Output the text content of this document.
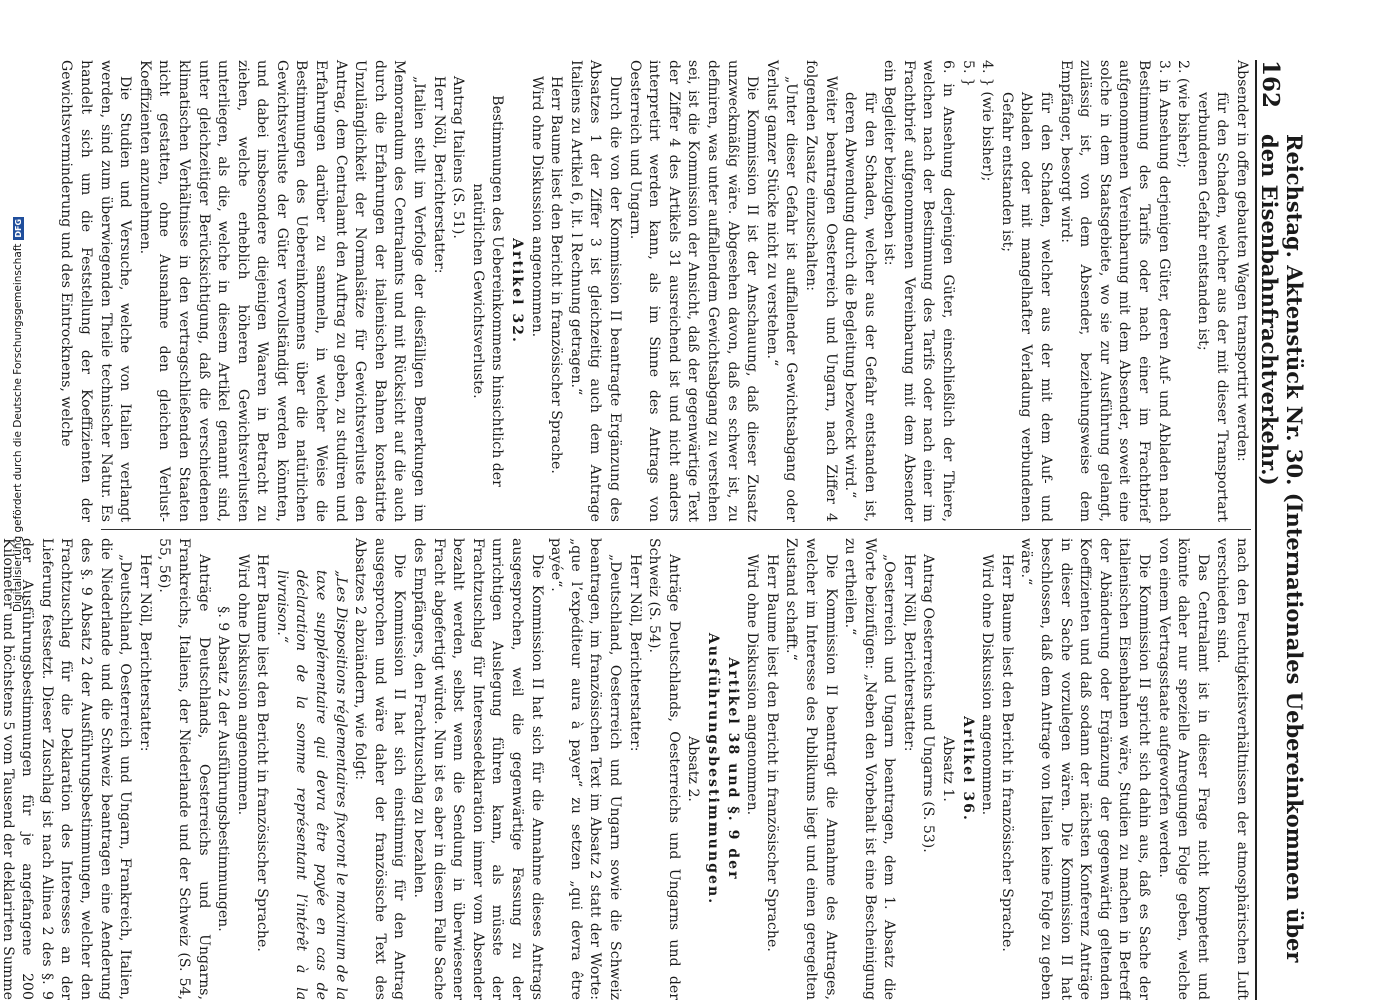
162
Reichstag. Aktenstück Nr. 30. (Internationales Uebereinkommen über den Eisenbahnfrachtverkehr.)

Absender in offen gebauten Wagen transportirt werden:

für den Schaden, welcher aus der mit dieser Transportart verbundenen Gefahr entstanden ist;

2. (wie bisher);

3. in Ansehung derjenigen Güter, deren Auf- und Abladen nach Bestimmung des Tarifs oder nach einer im Frachtbrief aufgenommenen Vereinbarung mit dem Absender, soweit eine solche in dem Staatsgebiete, wo sie zur Ausführung gelangt, zulässig ist, von dem Absender, beziehungsweise dem Empfänger, besorgt wird:

für den Schaden, welcher aus der mit dem Auf- und Abladen oder mit mangelhafter Verladung verbundenen Gefahr entstanden ist;

4. } (wie bisher);

5. }

6. in Ansehung derjenigen Güter, einschließlich der Thiere, welchen nach der Bestimmung des Tarifs oder nach einer im Frachtbrief aufgenommenen Vereinbarung mit dem Absender ein Begleiter beizugeben ist:

für den Schaden, welcher aus der Gefahr entstanden ist, deren Abwendung durch die Begleitung bezweckt wird.“

Weiter beantragen Oesterreich und Ungarn, nach Ziffer 4 folgenden Zusatz einzuschalten:

„Unter dieser Gefahr ist auffallender Gewichtsabgang oder Verlust ganzer Stücke nicht zu verstehen.“

Die Kommission II ist der Anschauung, daß dieser Zusatz unzweckmäßig wäre. Abgesehen davon, daß es schwer ist, zu definiren, was unter auffallendem Gewichtsabgang zu verstehen sei, ist die Kommission der Ansicht, daß der gegenwärtige Text der Ziffer 4 des Artikels 31 ausreichend ist und nicht anders interpretirt werden kann, als im Sinne des Antrags von Oesterreich und Ungarn.

Durch die von der Kommission II beantragte Ergänzung des Absatzes 1 der Ziffer 3 ist gleichzeitig auch dem Antrage Italiens zu Artikel 6, lit. l Rechnung getragen.“

Herr Baume liest den Bericht in französischer Sprache.

Wird ohne Diskussion angenommen.

Artikel 32.

Bestimmungen des Uebereinkommens hinsichtlich der natürlichen Gewichtsverluste.

Antrag Italiens (S. 51).

Herr Nöll, Berichterstatter:

„Italien stellt im Verfolge der diesfälligen Bemerkungen im Memorandum des Centralamts und mit Rücksicht auf die auch durch die Erfahrungen der italienischen Bahnen konstatirte Unzulänglichkeit der Normalsätze für Gewichtsverluste den Antrag, dem Centralamt den Auftrag zu geben, zu studiren und Erfahrungen darüber zu sammeln, in welcher Weise die Bestimmungen des Uebereinkommens über die natürlichen Gewichtsverluste der Güter vervollständigt werden könnten, und dabei insbesondere diejenigen Waaren in Betracht zu ziehen, welche erheblich höheren Gewichtsverlusten unterliegen, als die, welche in diesem Artikel genannt sind, unter gleichzeitiger Berücksichtigung, daß die verschiedenen klimatischen Verhältnisse in den vertragschließenden Staaten nicht gestatten, ohne Ausnahme den gleichen Verlust-Koeffizienten anzunehmen.

Die Studien und Versuche, welche von Italien verlangt werden, sind zum überwiegenden Theile technischer Natur. Es handelt sich um die Feststellung der Koeffizienten der Gewichtsverminderung und des Eintrocknens, welche

nach den Feuchtigkeitsverhältnissen der atmosphärischen Luft verschieden sind.

Das Centralamt ist in dieser Frage nicht kompetent und könnte daher nur spezielle Anregungen Folge geben, welche von einem Vertragsstaate aufgeworfen werden.

Die Kommission II spricht sich dahin aus, daß es Sache der italienischen Eisenbahnen wäre, Studien zu machen in Betreff der Abänderung oder Ergänzung der gegenwärtig geltenden Koeffizienten und daß sodann der nächsten Konferenz Anträge in dieser Sache vorzulegen wären. Die Kommission II hat beschlossen, daß dem Antrage von Italien keine Folge zu geben wäre.“

Herr Baume liest den Bericht in französischer Sprache.

Wird ohne Diskussion angenommen.

Artikel 36.

Absatz 1.

Antrag Oesterreichs und Ungarns (S. 53).

Herr Nöll, Berichterstatter:

„Oesterreich und Ungarn beantragen, dem 1. Absatz die Worte beizufügen: „Neben den Vorbehalt ist eine Bescheinigung zu ertheilen.“

Die Kommission II beantragt die Annahme des Antrages, welcher im Interesse des Publikums liegt und einen geregelten Zustand schafft.“

Herr Baume liest den Bericht in französischer Sprache.

Wird ohne Diskussion angenommen.

Artikel 38 und §. 9 der Ausführungsbestimmungen.

Absatz 2.

Anträge Deutschlands, Oesterreichs und Ungarns und der Schweiz (S. 54).

Herr Nöll, Berichterstatter:

„Deutschland, Oesterreich und Ungarn sowie die Schweiz beantragen, im französischen Text im Absatz 2 statt der Worte: „que l’expéditeur aura à payer“ zu setzen „qui devra être payée“.

Die Kommission II hat sich für die Annahme dieses Antrags ausgesprochen, weil die gegenwärtige Fassung zu der unrichtigen Auslegung führen kann, als müsste der Frachtzuschlag für Interessedeklaration immer vom Absender bezahlt werden, selbst wenn die Sendung in überwiesener Fracht abgefertigt würde. Nun ist es aber in diesem Falle Sache des Empfängers, den Frachtzuschlag zu bezahlen.

Die Kommission II hat sich einstimmig für den Antrag ausgesprochen und wäre daher der französische Text des Absatzes 2 abzuändern, wie folgt:

„Les Dispositions réglementaires fixeront le maximum de la taxe supplémentaire qui devra être payée en cas de déclaration de la somme représentant l’intérêt à la livraison.“

Herr Baume liest den Bericht in französischer Sprache.

Wird ohne Diskussion angenommen.

§. 9 Absatz 2 der Ausführungsbestimmungen.

Anträge Deutschlands, Oesterreichs und Ungarns, Frankreichs, Italiens, der Niederlande und der Schweiz (S. 54, 55, 56).

Herr Nöll, Berichterstatter:

„Deutschland, Oesterreich und Ungarn, Frankreich, Italien, die Niederlande und die Schweiz beantragen eine Aenderung des §. 9 Absatz 2 der Ausführungsbestimmungen, welcher den Frachtzuschlag für die Deklaration des Interesses an der Lieferung festsetzt. Dieser Zuschlag ist nach Alinea 2 des §. 9 der Ausführungsbestimmungen für je angefangene 200 Kilometer und höchstens 5 vom Tausend der deklarirten Summe

Digitalisierung gefördert durch die Deutsche Forschungsgemeinschaft
DFG
